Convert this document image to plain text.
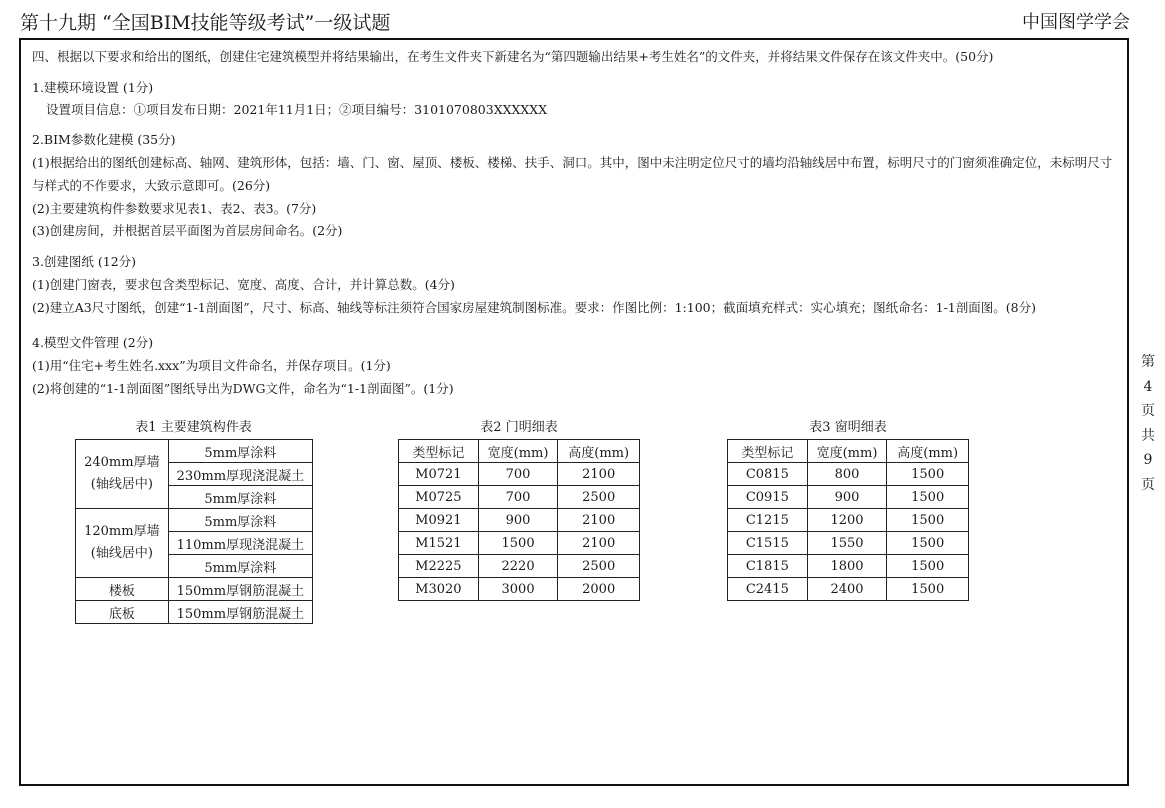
第十九期 “全国BIM技能等级考试”一级试题	中国图学学会
四、根据以下要求和给出的图纸，创建住宅建筑模型并将结果输出，在考生文件夹下新建名为“第四题输出结果+考生姓名”的文件夹，并将结果文件保存在该文件夹中。(50分)
1.建模环境设置 (1分)
设置项目信息：①项目发布日期：2021年11月1日；②项目编号：3101070803XXXXXX
2.BIM参数化建模 (35分)
(1)根据给出的图纸创建标高、轴网、建筑形体，包括：墙、门、窗、屋顶、楼板、楼梯、扶手、洞口。其中，图中未注明定位尺寸的墙均沿轴线居中布置，标明尺寸的门窗须准确定位，未标明尺寸
与样式的不作要求，大致示意即可。(26分)
(2)主要建筑构件参数要求见表1、表2、表3。(7分)
(3)创建房间，并根据首层平面图为首层房间命名。(2分)
3.创建图纸 (12分)
(1)创建门窗表，要求包含类型标记、宽度、高度、合计，并计算总数。(4分)
(2)建立A3尺寸图纸，创建“1-1剖面图”，尺寸、标高、轴线等标注须符合国家房屋建筑制图标准。要求：作图比例：1:100；截面填充样式：实心填充；图纸命名：1-1剖面图。(8分)
4.模型文件管理 (2分)
(1)用“住宅+考生姓名.xxx”为项目文件命名，并保存项目。(1分)
(2)将创建的“1-1剖面图”图纸导出为DWG文件，命名为“1-1剖面图”。(1分)
第
4
页
共
9
页
表1 主要建筑构件表
240mm厚墙
(轴线居中)	5mm厚涂料
	230mm厚现浇混凝土
	5mm厚涂料

120mm厚墙
(轴线居中)	5mm厚涂料
	110mm厚现浇混凝土
	5mm厚涂料
楼板	150mm厚钢筋混凝土
底板	150mm厚钢筋混凝土
表2 门明细表
类型标记	宽度(mm)	高度(mm)
M0721	700	2100
M0725	700	2500
M0921	900	2100
M1521	1500	2100
M2225	2220	2500
M3020	3000	2000
表3 窗明细表
类型标记	宽度(mm)	高度(mm)
C0815	800	1500
C0915	900	1500
C1215	1200	1500
C1515	1550	1500
C1815	1800	1500
C2415	2400	1500
